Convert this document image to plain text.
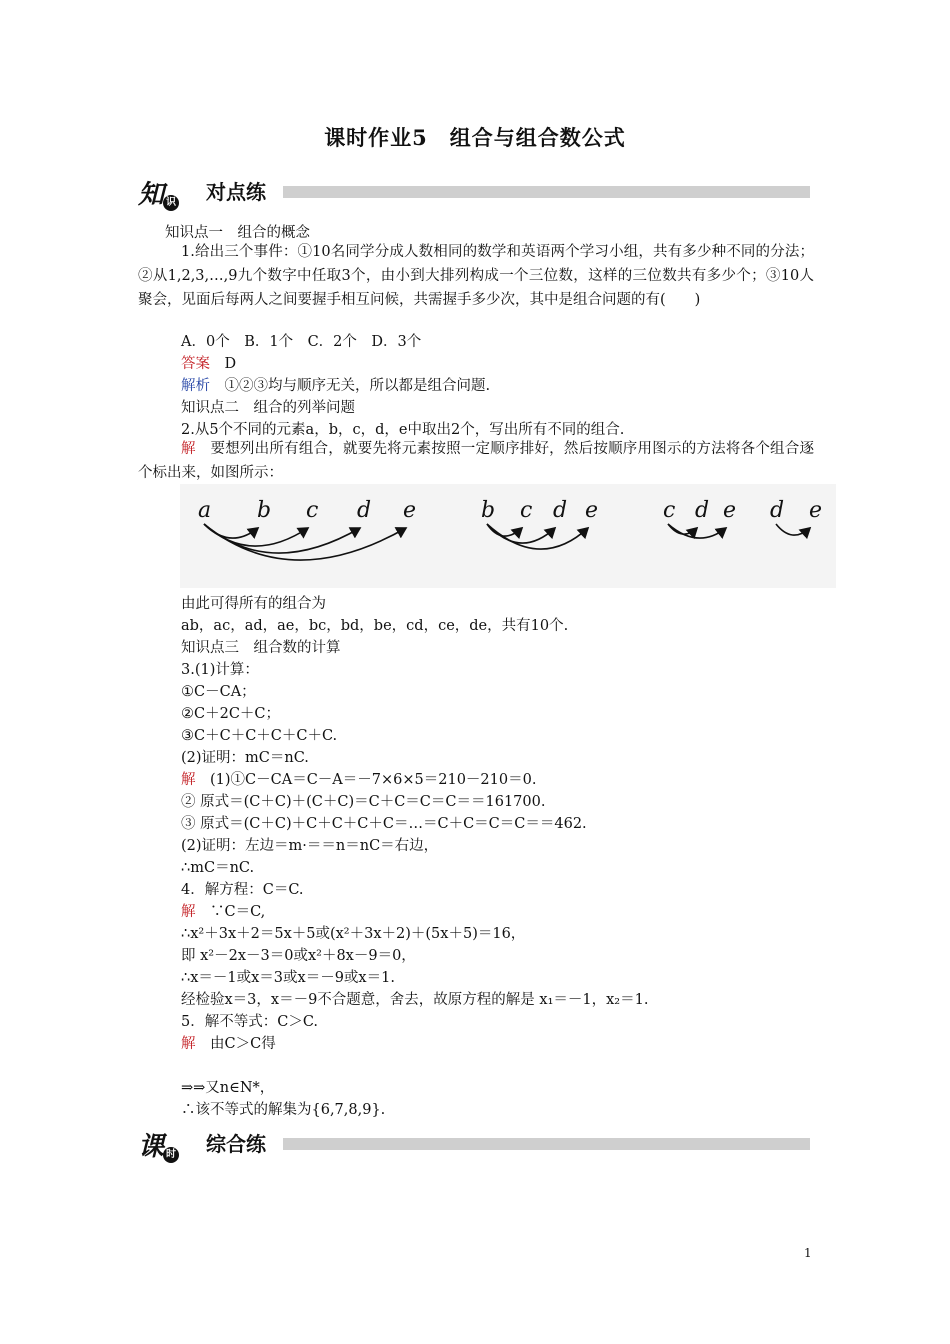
课时作业5　组合与组合数公式
知 识 对点练
知识点一　组合的概念
1.给出三个事件：①10名同学分成人数相同的数学和英语两个学习小组，共有多少种不同的分法；②从1,2,3,…,9九个数字中任取3个，由小到大排列构成一个三位数，这样的三位数共有多少个；③10人聚会，见面后每两人之间要握手相互问候，共需握手多少次，其中是组合问题的有(　　)
A．0个　B．1个　C．2个　D．3个
答案　 D
解析　 ①②③均与顺序无关，所以都是组合问题.
知识点二　组合的列举问题
2.从5个不同的元素a，b，c，d，e中取出2个，写出所有不同的组合.
解　 要想列出所有组合，就要先将元素按照一定顺序排好，然后按顺序用图示的方法将各个组合逐个标出来，如图所示：
a b c d e	b c d e	c d e d e
由此可得所有的组合为
ab，ac，ad，ae，bc，bd，be，cd，ce，de，共有10个.
知识点三　组合数的计算
3.(1)计算：
①C－CA；
②C＋2C＋C；
③C＋C＋C＋C＋C＋C.
(2)证明：mC＝nC.
解　 (1)①C－CA＝C－A＝－7×6×5＝210－210＝0.
② 原式＝(C＋C)＋(C＋C)＝C＋C＝C＝C＝＝161700.
③ 原式＝(C＋C)＋C＋C＋C＋C＝…＝C＋C＝C＝C＝＝462.
(2)证明：左边＝m·＝＝n＝nC＝右边，
∴mC＝nC.
4．解方程：C＝C.
解　 ∵C＝C,
∴x²＋3x＋2＝5x＋5或(x²＋3x＋2)＋(5x＋5)＝16，
即 x²－2x－3＝0或x²＋8x－9＝0，
∴x＝－1或x＝3或x＝－9或x＝1.
经检验x＝3，x＝－9不合题意，舍去，故原方程的解是 x₁＝－1，x₂＝1.
5．解不等式：C＞C.
解　 由C＞C得
⇒⇒又n∈N*，
∴该不等式的解集为{6,7,8,9}.
课 时 综合练
1
